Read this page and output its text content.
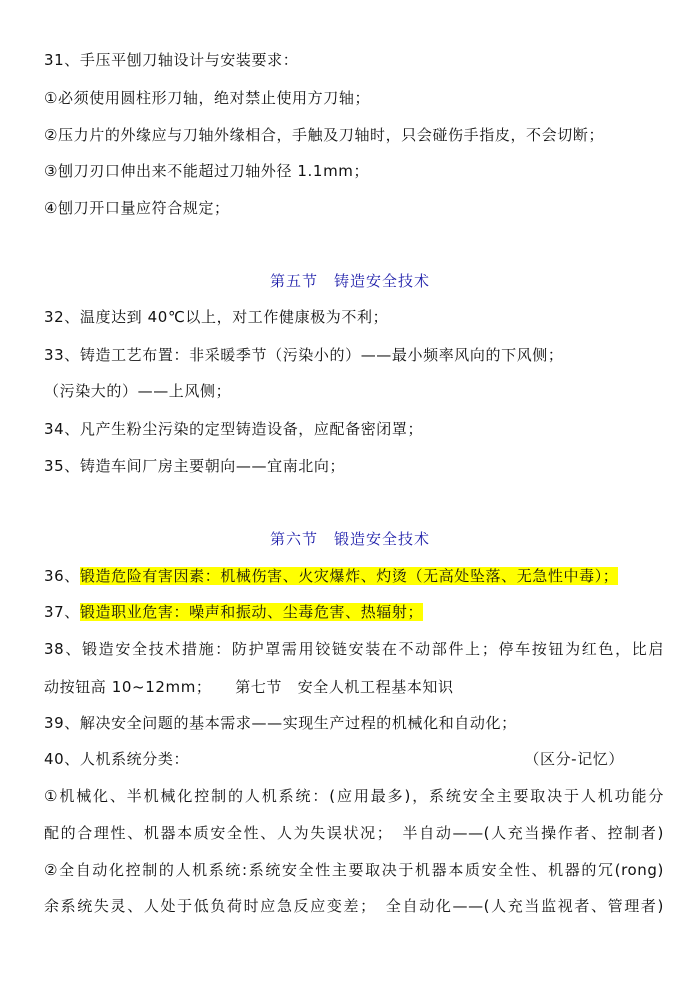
31、手压平刨刀轴设计与安装要求：
①必须使用圆柱形刀轴，绝对禁止使用方刀轴；
②压力片的外缘应与刀轴外缘相合，手触及刀轴时，只会碰伤手指皮，不会切断；
③刨刀刃口伸出来不能超过刀轴外径 1.1mm；
④刨刀开口量应符合规定；
第五节　铸造安全技术
32、温度达到 40℃以上，对工作健康极为不利；
33、铸造工艺布置：非采暖季节（污染小的）——最小频率风向的下风侧；
（污染大的）——上风侧；
34、凡产生粉尘污染的定型铸造设备，应配备密闭罩；
35、铸造车间厂房主要朝向——宜南北向；
第六节　锻造安全技术
36、锻造危险有害因素：机械伤害、火灾爆炸、灼烫（无高处坠落、无急性中毒）；
37、锻造职业危害：噪声和振动、尘毒危害、热辐射；
38、锻造安全技术措施：防护罩需用铰链安装在不动部件上；停车按钮为红色，比启
动按钮高 10~12mm；　　第七节　安全人机工程基本知识
39、解决安全问题的基本需求——实现生产过程的机械化和自动化；
40、人机系统分类：	（区分-记忆）
①机械化、半机械化控制的人机系统：(应用最多)，系统安全主要取决于人机功能分
配的合理性、机器本质安全性、人为失误状况；　半自动——(人充当操作者、控制者)
②全自动化控制的人机系统:系统安全性主要取决于机器本质安全性、机器的冗(rong)
余系统失灵、人处于低负荷时应急反应变差；　全自动化——(人充当监视者、管理者)
